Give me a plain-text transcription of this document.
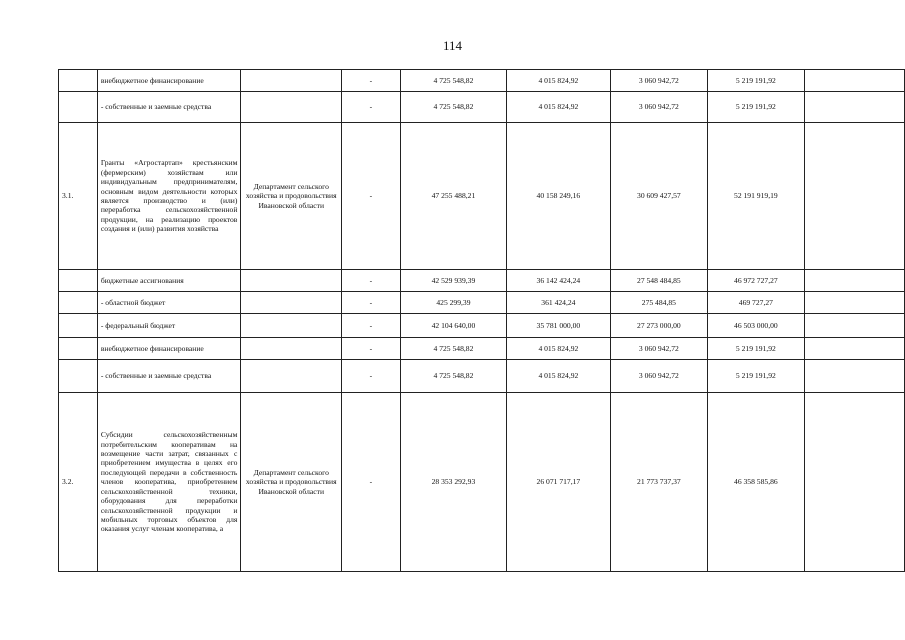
114
	внебюджетное финансирование		-	4 725 548,82	4 015 824,92	3 060 942,72	5 219 191,92	
	- собственные и заемные средства		-	4 725 548,82	4 015 824,92	3 060 942,72	5 219 191,92	
3.1.	Гранты «Агростартап» крестьянским (фермерским) хозяйствам или индивидуальным предпринимателям, основным видом деятельности которых является производство и (или) переработка сельскохозяйственной продукции, на реализацию проектов создания и (или) развития хозяйства	Департамент сельского хозяйства и продовольствия Ивановской области	-	47 255 488,21	40 158 249,16	30 609 427,57	52 191 919,19	
	бюджетные ассигнования		-	42 529 939,39	36 142 424,24	27 548 484,85	46 972 727,27	
	- областной бюджет		-	425 299,39	361 424,24	275 484,85	469 727,27	
	- федеральный бюджет		-	42 104 640,00	35 781 000,00	27 273 000,00	46 503 000,00	
	внебюджетное финансирование		-	4 725 548,82	4 015 824,92	3 060 942,72	5 219 191,92	
	- собственные и заемные средства		-	4 725 548,82	4 015 824,92	3 060 942,72	5 219 191,92	
3.2.	Субсидии сельскохозяйственным потребительским кооперативам на возмещение части затрат, связанных с приобретением имущества в целях его последующей передачи в собственность членов кооператива, приобретением сельскохозяйственной техники, оборудования для переработки сельскохозяйственной продукции и мобильных торговых объектов для оказания услуг членам кооператива, а	Департамент сельского хозяйства и продовольствия Ивановской области	-	28 353 292,93	26 071 717,17	21 773 737,37	46 358 585,86	
